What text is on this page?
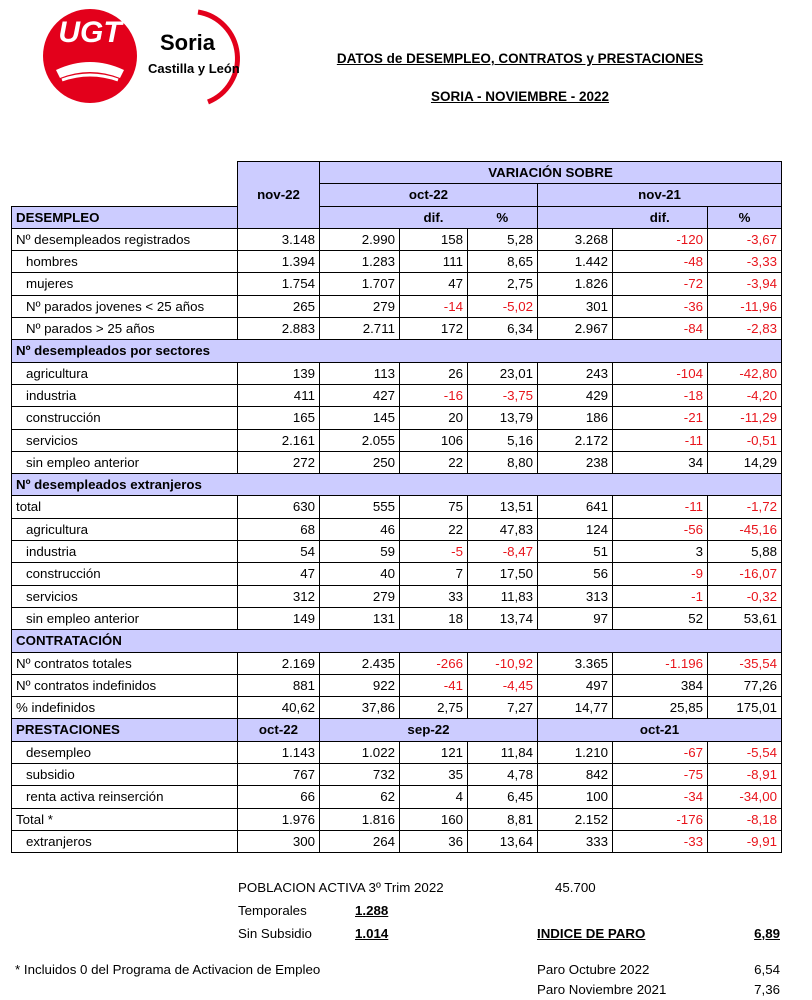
UGT	Soria
Castilla y León
DATOS de DESEMPLEO, CONTRATOS y PRESTACIONES
SORIA - NOVIEMBRE - 2022
		VARIACIÓN SOBRE					
	nov-22	oct-22			nov-21		
DESEMPLEO			dif.	%		dif.	%
Nº desempleados registrados	3.148	2.990	158	5,28	3.268	-120	-3,67
hombres	1.394	1.283	111	8,65	1.442	-48	-3,33
mujeres	1.754	1.707	47	2,75	1.826	-72	-3,94
Nº parados jovenes < 25 años	265	279	-14	-5,02	301	-36	-11,96
Nº parados > 25 años	2.883	2.711	172	6,34	2.967	-84	-2,83
Nº desempleados por sectores							
agricultura	139	113	26	23,01	243	-104	-42,80
industria	411	427	-16	-3,75	429	-18	-4,20
construcción	165	145	20	13,79	186	-21	-11,29
servicios	2.161	2.055	106	5,16	2.172	-11	-0,51
sin empleo anterior	272	250	22	8,80	238	34	14,29
Nº desempleados extranjeros							
total	630	555	75	13,51	641	-11	-1,72
agricultura	68	46	22	47,83	124	-56	-45,16
industria	54	59	-5	-8,47	51	3	5,88
construcción	47	40	7	17,50	56	-9	-16,07
servicios	312	279	33	11,83	313	-1	-0,32
sin empleo anterior	149	131	18	13,74	97	52	53,61
CONTRATACIÓN							
Nº contratos totales	2.169	2.435	-266	-10,92	3.365	-1.196	-35,54
Nº contratos indefinidos	881	922	-41	-4,45	497	384	77,26
% indefinidos	40,62	37,86	2,75	7,27	14,77	25,85	175,01
PRESTACIONES	oct-22	sep-22			oct-21		
desempleo	1.143	1.022	121	11,84	1.210	-67	-5,54
subsidio	767	732	35	4,78	842	-75	-8,91
renta activa reinserción	66	62	4	6,45	100	-34	-34,00
Total *	1.976	1.816	160	8,81	2.152	-176	-8,18
extranjeros	300	264	36	13,64	333	-33	-9,91
POBLACION ACTIVA 3º Trim 2022	45.700
Temporales	1.288
Sin Subsidio	1.014	INDICE DE PARO	6,89
* Incluidos 0 del Programa de Activacion de Empleo	Paro Octubre 2022	6,54
Paro Noviembre 2021	7,36
